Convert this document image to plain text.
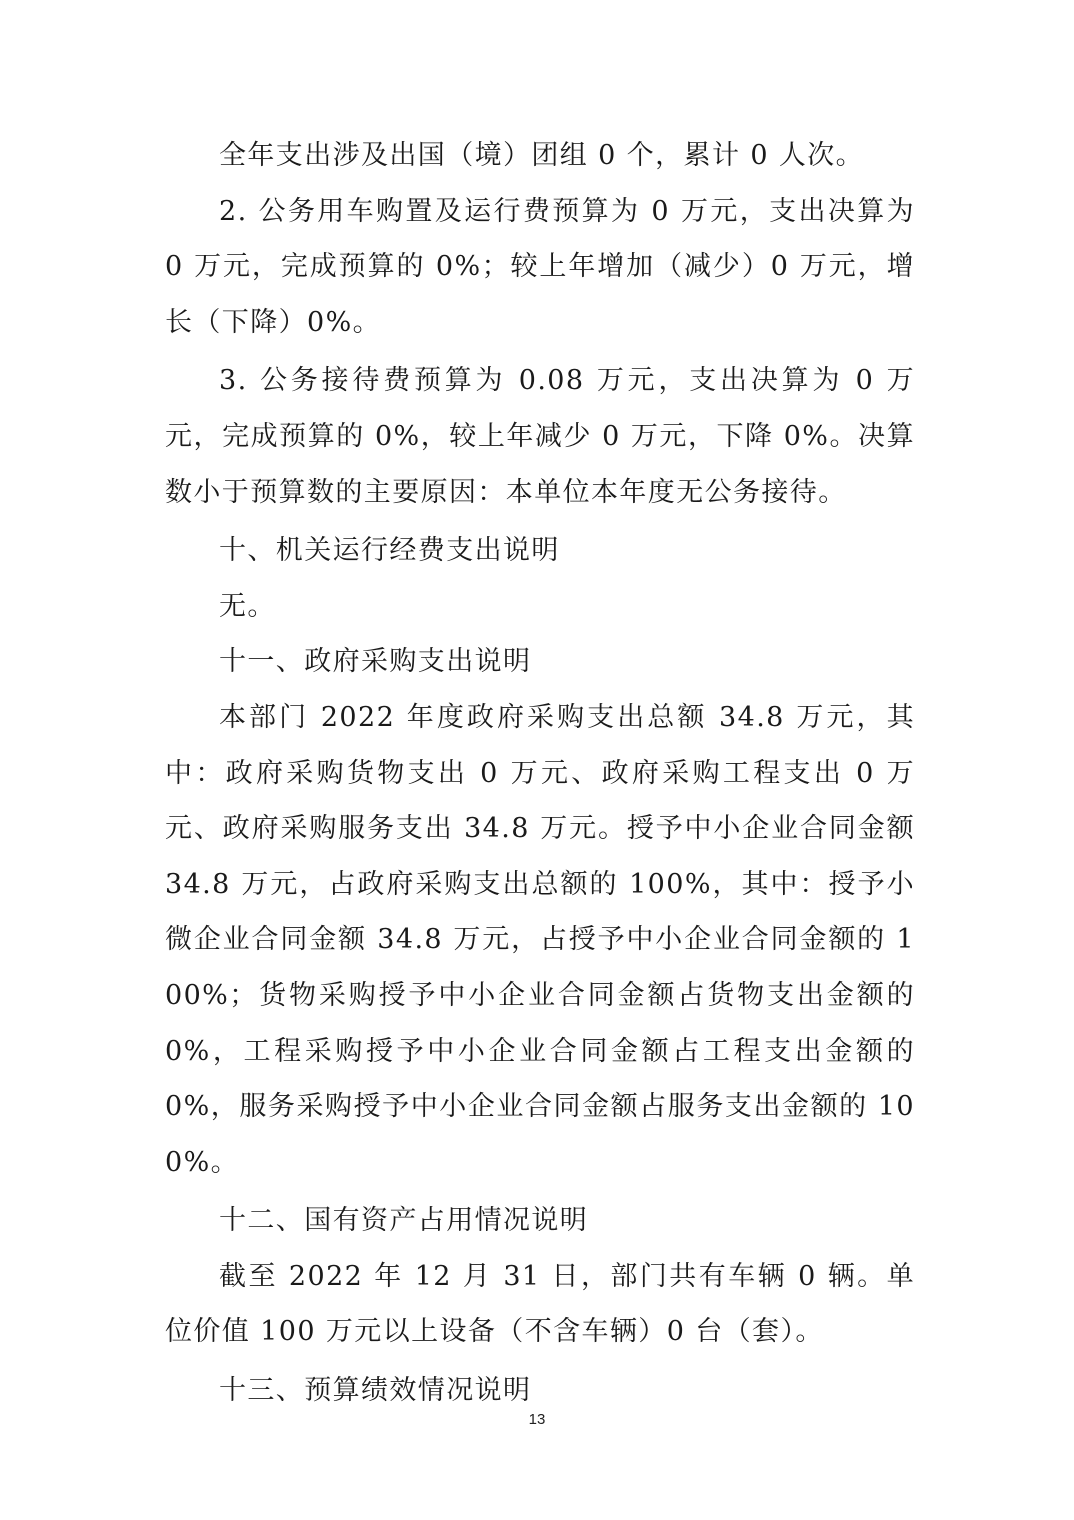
全年支出涉及出国（境）团组 0 个，累计 0 人次。

2. 公务用车购置及运行费预算为 0 万元，支出决算为 0 万元，完成预算的 0%；较上年增加（减少）0 万元，增长（下降）0%。

3. 公务接待费预算为 0.08 万元，支出决算为 0 万元，完成预算的 0%，较上年减少 0 万元，下降 0%。决算数小于预算数的主要原因：本单位本年度无公务接待。

十、机关运行经费支出说明

无。

十一、政府采购支出说明

本部门 2022 年度政府采购支出总额 34.8 万元，其中：政府采购货物支出 0 万元、政府采购工程支出 0 万元、政府采购服务支出 34.8 万元。授予中小企业合同金额 34.8 万元，占政府采购支出总额的 100%，其中：授予小微企业合同金额 34.8 万元，占授予中小企业合同金额的 100%；货物采购授予中小企业合同金额占货物支出金额的 0%，工程采购授予中小企业合同金额占工程支出金额的 0%，服务采购授予中小企业合同金额占服务支出金额的 100%。

十二、国有资产占用情况说明

截至 2022 年 12 月 31 日，部门共有车辆 0 辆。单位价值 100 万元以上设备（不含车辆）0 台（套）。

十三、预算绩效情况说明
13
